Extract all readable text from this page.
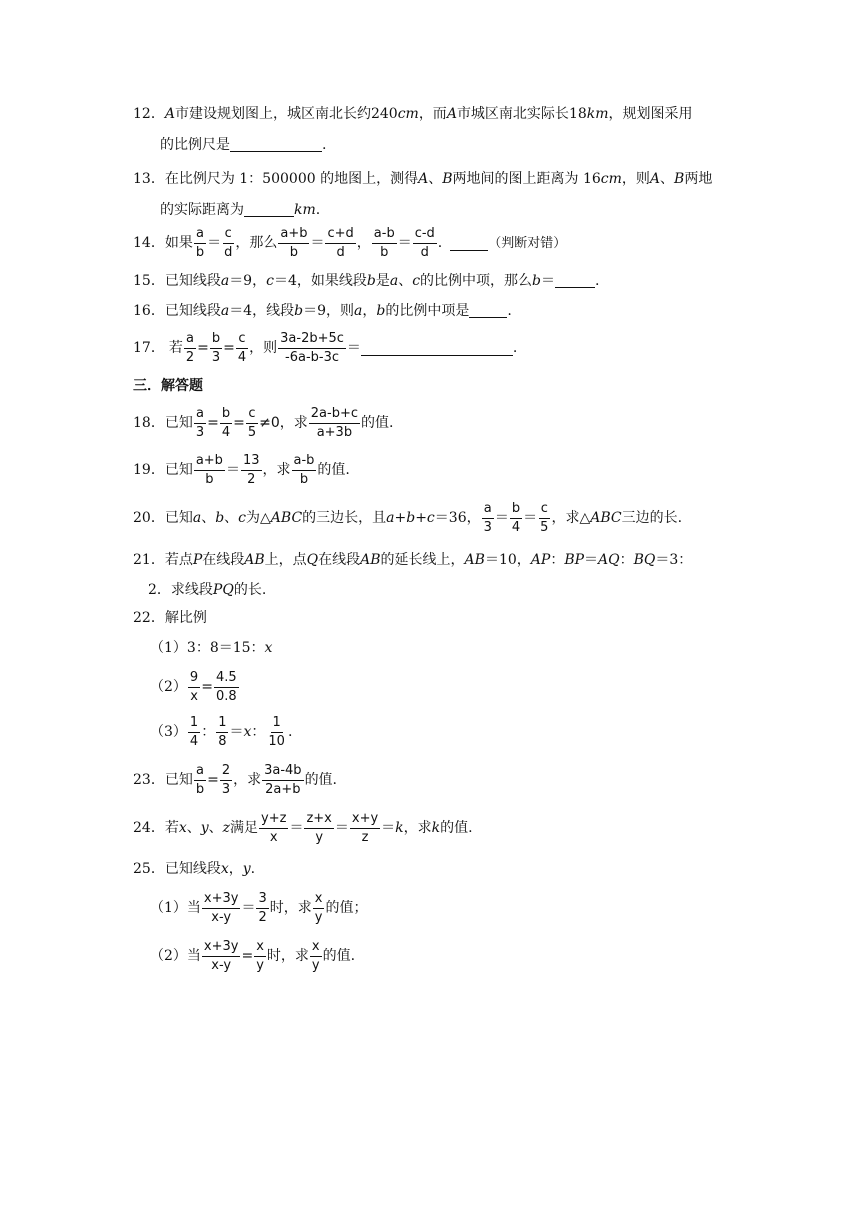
12． A 市建设规划图上，城区南北长约 240 cm ，而 A 市城区南北实际长 18 km ，规划图采用
的比例尺是	.
13． 在比例尺为 1：500000 的地图上，测得 A 、 B 两地间的图上距离为 16 cm ，则 A 、 B 两地
的实际距离为	km .
14． 如果 $\frac{a}{b} = \frac{c}{d}$ ，那么 $\frac{a+b}{b} = \frac{c+d}{d}$ ， $\frac{a-b}{b} = \frac{c-d}{d}$ .	（判断对错）
15． 已知线段 a ＝9， c ＝4，如果线段 b 是 a 、 c 的比例中项，那么 b ＝	.
16． 已知线段 a ＝4，线段 b ＝9，则 a ， b 的比例中项是	.
17． 若 $\frac{a}{2} = \frac{b}{3} = \frac{c}{4}$ ，则 $\frac{3a-2b+5c}{-6a-b-3c}$ ＝	.
三．解答题
18． 已知 $\frac{a}{3} = \frac{b}{4} = \frac{c}{5} \ne 0$ ，求 $\frac{2a-b+c}{a+3b}$ 的值.
19． 已知 $\frac{a+b}{b} = \frac{13}{2}$ ，求 $\frac{a-b}{b}$ 的值.
20． 已知 a 、 b 、 c 为△ ABC 的三边长，且 a+b+c ＝36， $\frac{a}{3} = \frac{b}{4} = \frac{c}{5}$ ，求△ ABC 三边的长.
21． 若点 P 在线段 AB 上，点 Q 在线段 AB 的延长线上， AB ＝10， AP ： BP ＝ AQ ： BQ ＝3：
2．求线段 PQ 的长.
22． 解比例
（1）3：8＝15： x
$(2) \frac{9}{x} = \frac{4.5}{0.8}$
$(3) \frac{1}{4}$ ： $\frac{1}{8} = x$ ： $\frac{1}{10}$ .
23． 已知 $\frac{a}{b} = \frac{2}{3}$ ，求 $\frac{3a-4b}{2a+b}$ 的值.
24． 若 x 、 y 、 z 满足 $\frac{y+z}{x} = \frac{z+x}{y} = \frac{x+y}{z} = k$ ，求 k 的值.
25． 已知线段 x ， y .
（1）当 $\frac{x+3y}{x-y} = \frac{3}{2}$ 时，求 $\frac{x}{y}$ 的值；
（2）当 $\frac{x+3y}{x-y} = \frac{x}{y}$ 时，求 $\frac{x}{y}$ 的值.
